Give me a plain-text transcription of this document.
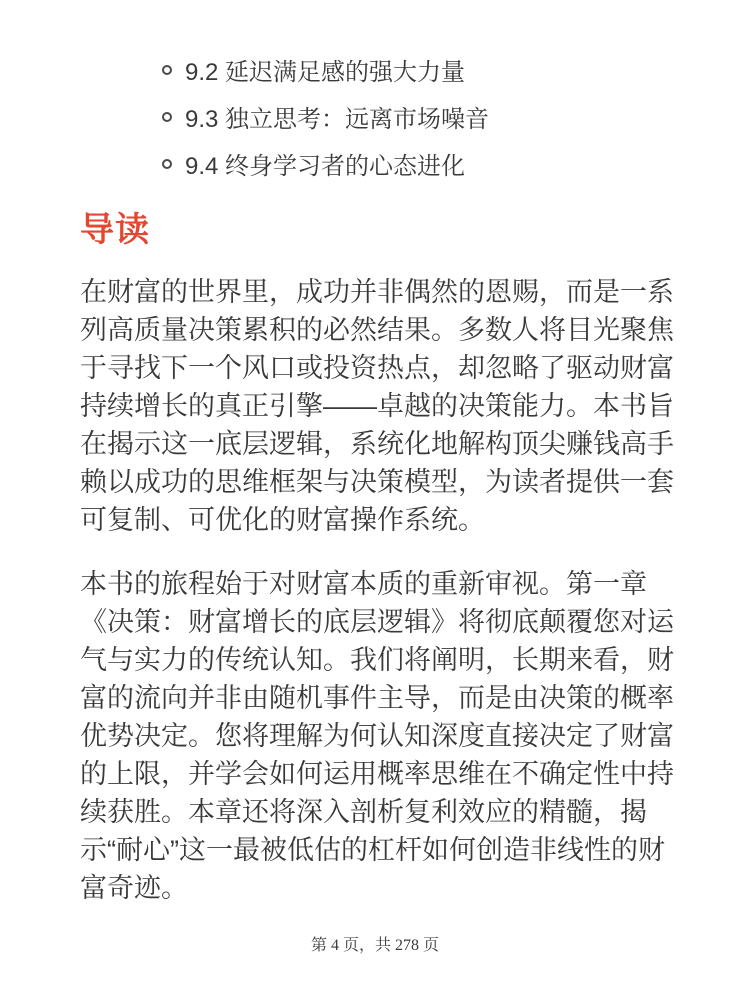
9.2 延迟满足感的强大力量
9.3 独立思考：远离市场噪音
9.4 终身学习者的心态进化
导读

在财富的世界里，成功并非偶然的恩赐，而是一系列高质量决策累积的必然结果。多数人将目光聚焦于寻找下一个风口或投资热点，却忽略了驱动财富持续增长的真正引擎——卓越的决策能力。本书旨在揭示这一底层逻辑，系统化地解构顶尖赚钱高手赖以成功的思维框架与决策模型，为读者提供一套可复制、可优化的财富操作系统。

本书的旅程始于对财富本质的重新审视。第一章《决策：财富增长的底层逻辑》将彻底颠覆您对运气与实力的传统认知。我们将阐明，长期来看，财富的流向并非由随机事件主导，而是由决策的概率优势决定。您将理解为何认知深度直接决定了财富的上限，并学会如何运用概率思维在不确定性中持续获胜。本章还将深入剖析复利效应的精髓，揭示“耐心”这一最被低估的杠杆如何创造非线性的财富奇迹。

第 4 页，共 278 页
